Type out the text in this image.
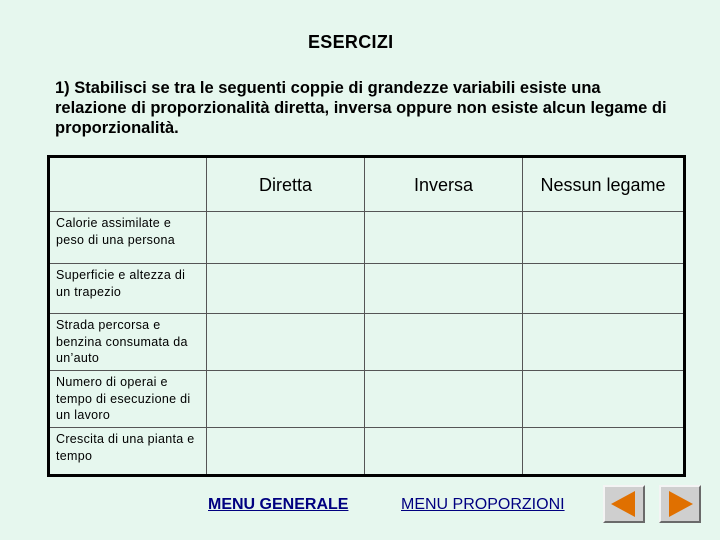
ESERCIZI
1) Stabilisci se tra le seguenti coppie di grandezze variabili esiste una relazione di proporzionalità diretta, inversa oppure non esiste alcun legame di proporzionalità.
	Diretta	Inversa	Nessun legame
Calorie assimilate e peso di una persona			
Superficie e altezza di un trapezio			
Strada percorsa e benzina consumata da un’auto			
Numero di operai e tempo di esecuzione di un lavoro			
Crescita di una pianta e tempo			
MENU GENERALE	MENU PROPORZIONI
